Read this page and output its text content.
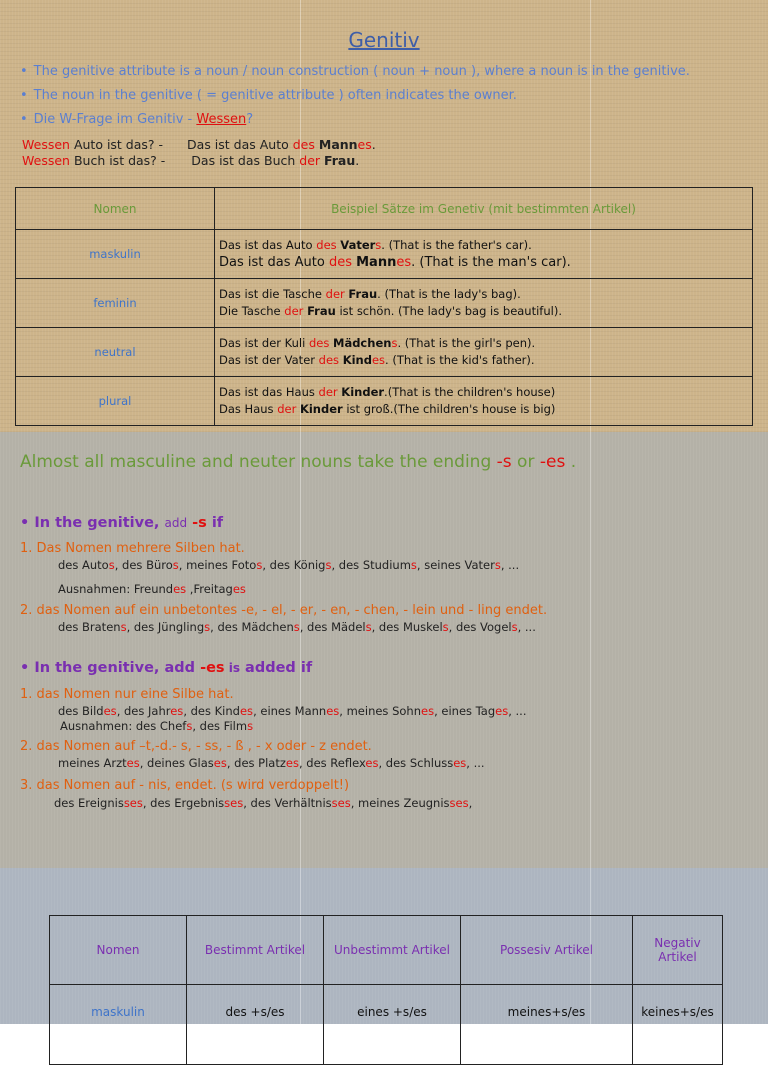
Genitiv
• The genitive attribute is a noun / noun construction ( noun + noun ), where a noun is in the genitive.
• The noun in the genitive ( = genitive attribute ) often indicates the owner.
• Die W-Frage im Genitiv - Wessen?
Wessen Auto ist das? - Das ist das Auto des Mannes.
Wessen Buch ist das? - Das ist das Buch der Frau.
Nomen	Beispiel Sätze im Genetiv (mit bestimmten Artikel)
maskulin	Das ist das Auto des Vaters. (That is the father's car).
Das ist das Auto des Mannes. (That is the man's car).

feminin	Das ist die Tasche der Frau. (That is the lady's bag).
Die Tasche der Frau ist schön. (The lady's bag is beautiful).

neutral	Das ist der Kuli des Mädchens. (That is the girl's pen).
Das ist der Vater des Kindes. (That is the kid's father).

plural	Das ist das Haus der Kinder.(That is the children's house)
Das Haus der Kinder ist groß.(The children's house is big)
Almost all masculine and neuter nouns take the ending -s or -es .
• In the genitive, add -s if
1. Das Nomen mehrere Silben hat.
des Autos, des Büros, meines Fotos, des Königs, des Studiums, seines Vaters, ...
Ausnahmen: Freundes ,Freitages
2. das Nomen auf ein unbetontes -e, - el, - er, - en, - chen, - lein und - ling endet.
des Bratens, des Jünglings, des Mädchens, des Mädels, des Muskels, des Vogels, ...
• In the genitive, add -es is added if
1. das Nomen nur eine Silbe hat.
des Bildes, des Jahres, des Kindes, eines Mannes, meines Sohnes, eines Tages, ...
Ausnahmen: des Chefs, des Films
2. das Nomen auf –t,-d.- s, - ss, - ß , - x oder - z endet.
meines Arztes, deines Glases, des Platzes, des Reflexes, des Schlusses, ...
3. das Nomen auf - nis, endet. (s wird verdoppelt!)
des Ereignisses, des Ergebnisses, des Verhältnisses, meines Zeugnisses,
Nomen	Bestimmt Artikel	Unbestimmt Artikel	Possesiv Artikel	Negativ Artikel
maskulin	des +s/es	eines +s/es	meines+s/es	keines+s/es
